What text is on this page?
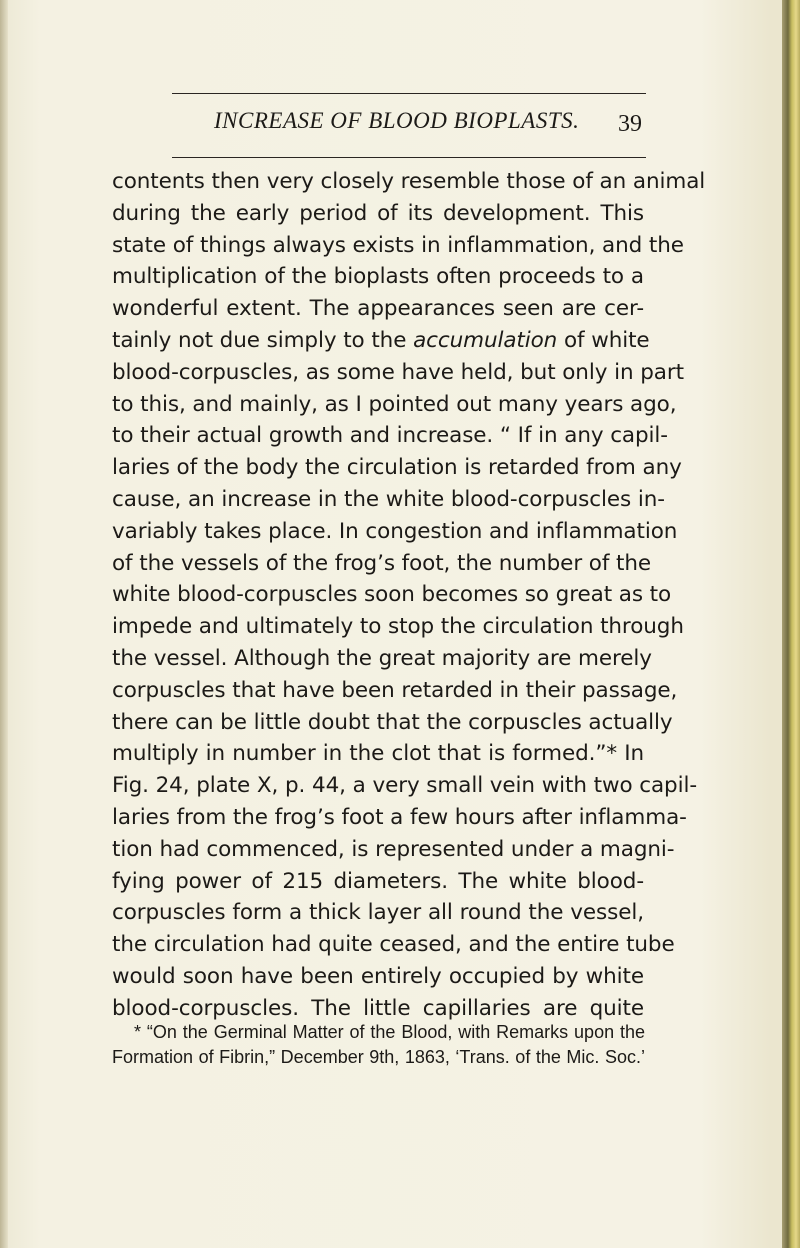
INCREASE OF BLOOD BIOPLASTS. 39
contents then very closely resemble those of an animal
during the early period of its development. This
state of things always exists in inflammation, and the
multiplication of the bioplasts often proceeds to a
wonderful extent. The appearances seen are cer-
tainly not due simply to the accumulation of white
blood-corpuscles, as some have held, but only in part
to this, and mainly, as I pointed out many years ago,
to their actual growth and increase. “ If in any capil-
laries of the body the circulation is retarded from any
cause, an increase in the white blood-corpuscles in-
variably takes place. In congestion and inflammation
of the vessels of the frog’s foot, the number of the
white blood-corpuscles soon becomes so great as to
impede and ultimately to stop the circulation through
the vessel. Although the great majority are merely
corpuscles that have been retarded in their passage,
there can be little doubt that the corpuscles actually
multiply in number in the clot that is formed.”* In
Fig. 24, plate X, p. 44, a very small vein with two capil-
laries from the frog’s foot a few hours after inflamma-
tion had commenced, is represented under a magni-
fying power of 215 diameters. The white blood-
corpuscles form a thick layer all round the vessel,
the circulation had quite ceased, and the entire tube
would soon have been entirely occupied by white
blood-corpuscles. The little capillaries are quite
* “On the Germinal Matter of the Blood, with Remarks upon the
Formation of Fibrin,” December 9th, 1863, ‘Trans. of the Mic. Soc.’
